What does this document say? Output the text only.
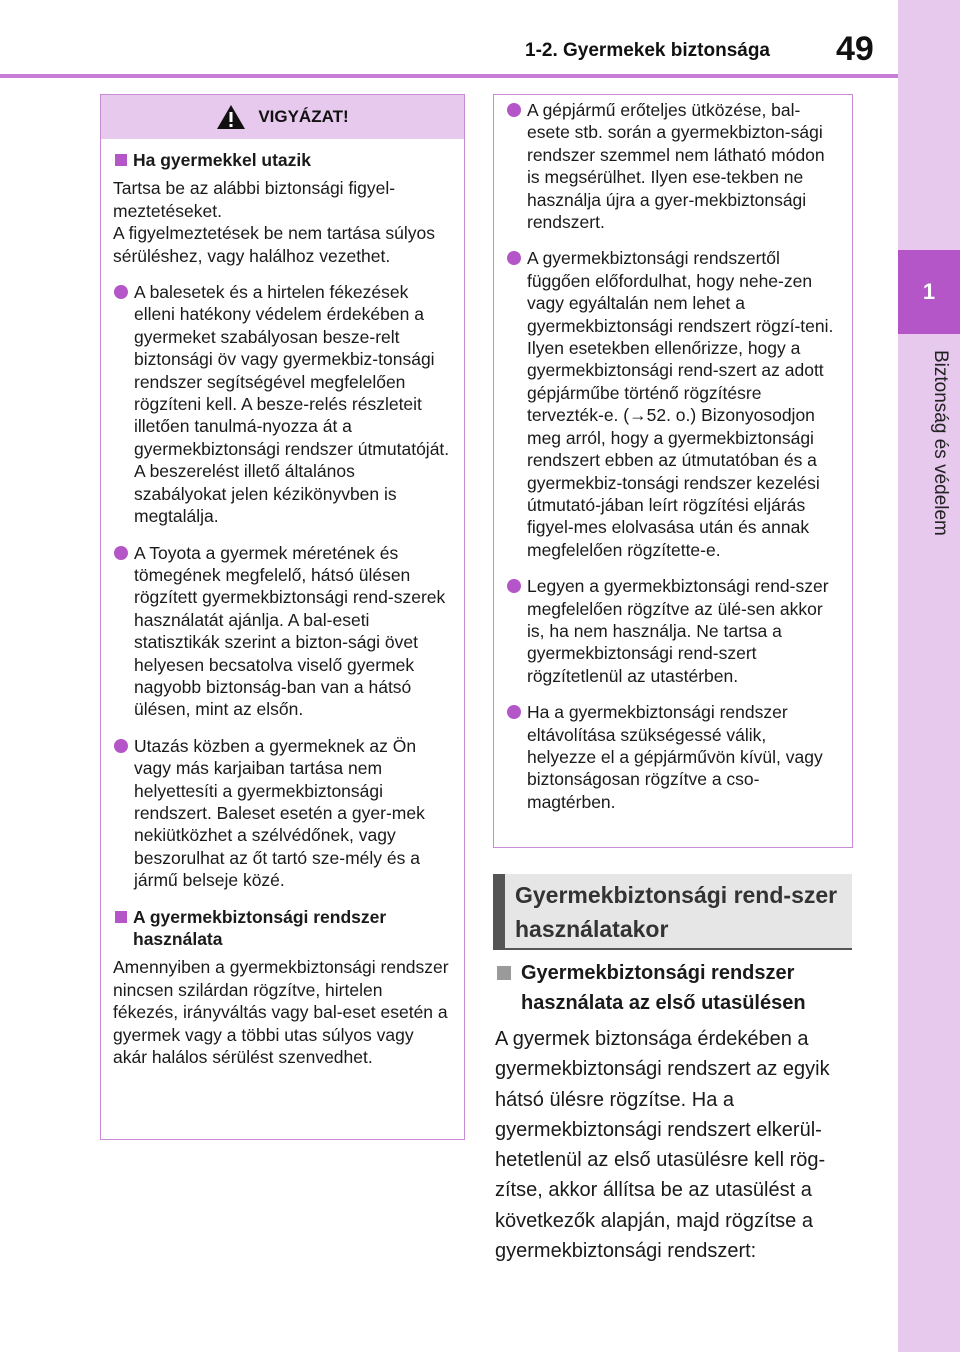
1-2. Gyermekek biztonsága 49
1
Biztonság és védelem
VIGYÁZAT!
Ha gyermekkel utazik
Tartsa be az alábbi biztonsági figyel-meztetéseket.
A figyelmeztetések be nem tartása súlyos sérüléshez, vagy halálhoz vezethet.
A balesetek és a hirtelen fékezések elleni hatékony védelem érdekében a gyermeket szabályosan besze-relt biztonsági öv vagy gyermekbiz-tonsági rendszer segítségével megfelelően rögzíteni kell. A besze-relés részleteit illetően tanulmá-nyozza át a gyermekbiztonsági rendszer útmutatóját. A beszerelést illető általános szabályokat jelen kézikönyvben is megtalálja.
A Toyota a gyermek méretének és tömegének megfelelő, hátsó ülésen rögzített gyermekbiztonsági rend-szerek használatát ajánlja. A bal-eseti statisztikák szerint a bizton-sági övet helyesen becsatolva viselő gyermek nagyobb biztonság-ban van a hátsó ülésen, mint az elsőn.
Utazás közben a gyermeknek az Ön vagy más karjaiban tartása nem helyettesíti a gyermekbiztonsági rendszert. Baleset esetén a gyer-mek nekiütközhet a szélvédőnek, vagy beszorulhat az őt tartó sze-mély és a jármű belseje közé.
A gyermekbiztonsági rendszer használata
Amennyiben a gyermekbiztonsági rendszer nincsen szilárdan rögzítve, hirtelen fékezés, irányváltás vagy bal-eset esetén a gyermek vagy a többi utas súlyos vagy akár halálos sérülést szenvedhet.
A gépjármű erőteljes ütközése, bal-esete stb. során a gyermekbizton-sági rendszer szemmel nem látható módon is megsérülhet. Ilyen ese-tekben ne használja újra a gyer-mekbiztonsági rendszert.
A gyermekbiztonsági rendszertől függően előfordulhat, hogy nehe-zen vagy egyáltalán nem lehet a gyermekbiztonsági rendszert rögzí-teni. Ilyen esetekben ellenőrizze, hogy a gyermekbiztonsági rend-szert az adott gépjárműbe történő rögzítésre tervezték-e. (→52. o.) Bizonyosodjon meg arról, hogy a gyermekbiztonsági rendszert ebben az útmutatóban és a gyermekbiz-tonsági rendszer kezelési útmutató-jában leírt rögzítési eljárás figyel-mes elolvasása után és annak megfelelően rögzítette-e.
Legyen a gyermekbiztonsági rend-szer megfelelően rögzítve az ülé-sen akkor is, ha nem használja. Ne tartsa a gyermekbiztonsági rend-szert rögzítetlenül az utastérben.
Ha a gyermekbiztonsági rendszer eltávolítása szükségessé válik, helyezze el a gépjárművön kívül, vagy biztonságosan rögzítve a cso-magtérben.
Gyermekbiztonsági rend-szer használatakor
Gyermekbiztonsági rendszer használata az első utasülésen
A gyermek biztonsága érdekében a gyermekbiztonsági rendszert az egyik hátsó ülésre rögzítse. Ha a gyermekbiztonsági rendszert elkerül-hetetlenül az első utasülésre kell rög-zítse, akkor állítsa be az utasülést a következők alapján, majd rögzítse a gyermekbiztonsági rendszert:
